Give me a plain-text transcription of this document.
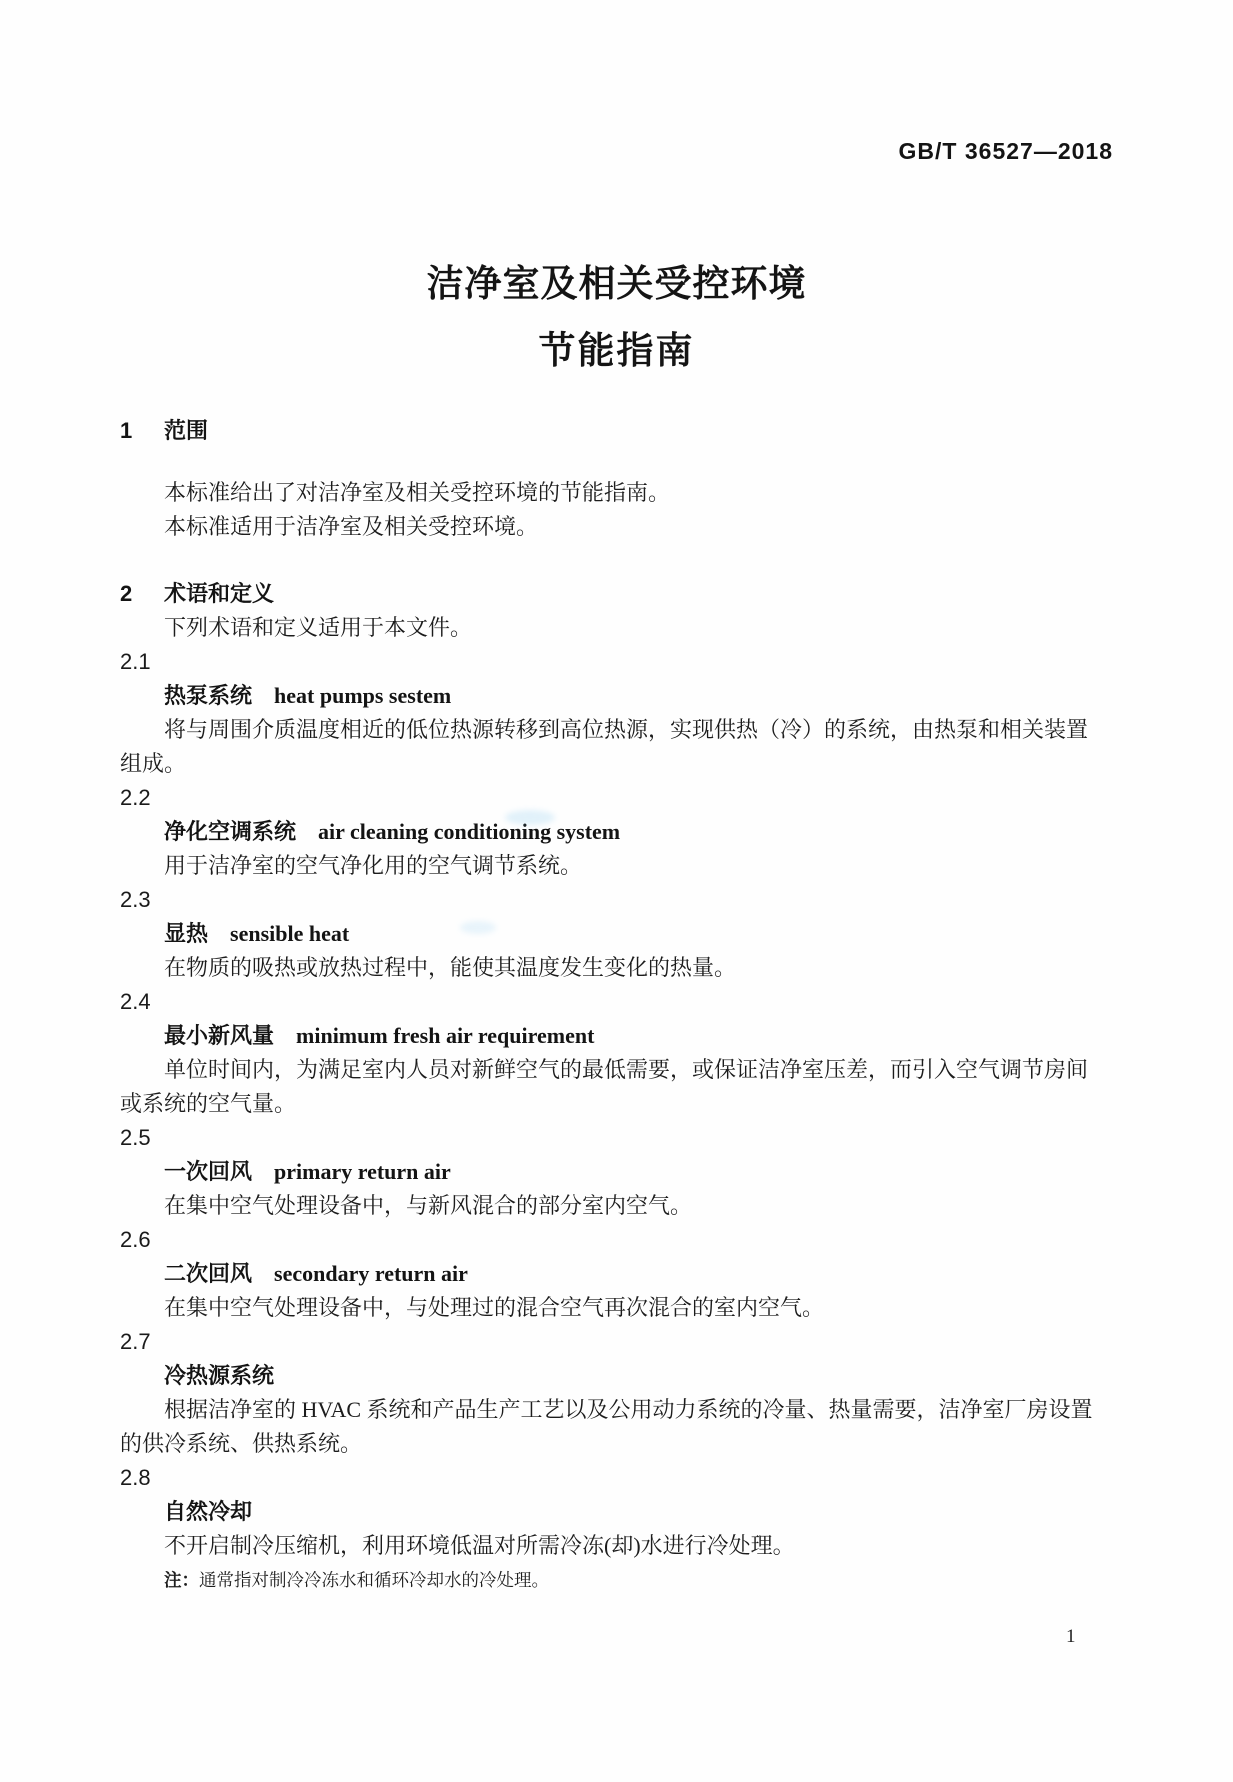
GB/T 36527—2018
洁净室及相关受控环境
节能指南
1 范围

本标准给出了对洁净室及相关受控环境的节能指南。

本标准适用于洁净室及相关受控环境。

2 术语和定义

下列术语和定义适用于本文件。

2.1
热泵系统 heat pumps sestem

将与周围介质温度相近的低位热源转移到高位热源，实现供热（冷）的系统，由热泵和相关装置组成。

2.2
净化空调系统 air cleaning conditioning system

用于洁净室的空气净化用的空气调节系统。

2.3
显热 sensible heat

在物质的吸热或放热过程中，能使其温度发生变化的热量。

2.4
最小新风量 minimum fresh air requirement

单位时间内，为满足室内人员对新鲜空气的最低需要，或保证洁净室压差，而引入空气调节房间或系统的空气量。

2.5
一次回风 primary return air

在集中空气处理设备中，与新风混合的部分室内空气。

2.6
二次回风 secondary return air

在集中空气处理设备中，与处理过的混合空气再次混合的室内空气。

2.7
冷热源系统

根据洁净室的 HVAC 系统和产品生产工艺以及公用动力系统的冷量、热量需要，洁净室厂房设置的供冷系统、供热系统。

2.8
自然冷却

不开启制冷压缩机，利用环境低温对所需冷冻(却)水进行冷处理。

注：通常指对制冷冷冻水和循环冷却水的冷处理。
1
